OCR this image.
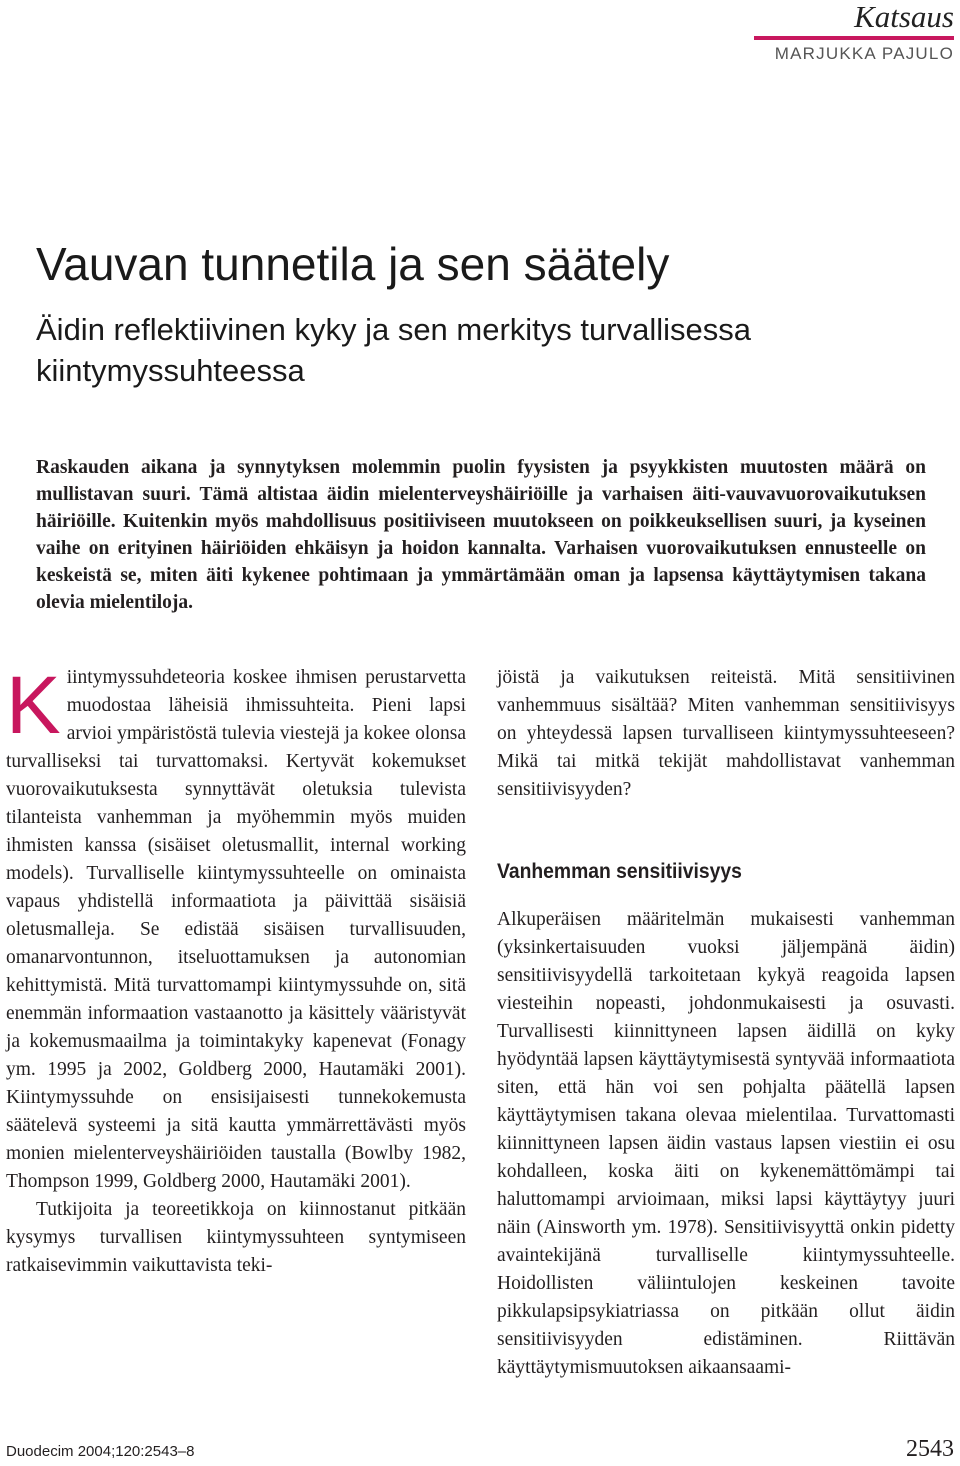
Katsaus
MARJUKKA PAJULO
Vauvan tunnetila ja sen säätely
Äidin reflektiivinen kyky ja sen merkitys turvallisessa kiintymyssuhteessa

Raskauden aikana ja synnytyksen molemmin puolin fyysisten ja psyykkisten muutosten määrä on mullistavan suuri. Tämä altistaa äidin mielenterveyshäiriöille ja varhaisen äiti-vauvavuorovaikutuksen häiriöille. Kuitenkin myös mahdollisuus positiiviseen muutokseen on poikkeuksellisen suuri, ja kyseinen vaihe on erityinen häiriöiden ehkäisyn ja hoidon kannalta. Varhaisen vuorovaikutuksen ennusteelle on keskeistä se, miten äiti kykenee pohtimaan ja ymmärtämään oman ja lapsensa käyttäytymisen takana olevia mielentiloja.

Kiintymyssuhdeteoria koskee ihmisen perustarvetta muodostaa läheisiä ihmissuhteita. Pieni lapsi arvioi ympäristöstä tulevia viestejä ja kokee olonsa turvalliseksi tai turvattomaksi. Kertyvät kokemukset vuorovaikutuksesta synnyttävät oletuksia tulevista tilanteista vanhemman ja myöhemmin myös muiden ihmisten kanssa (sisäiset oletusmallit, internal working models). Turvalliselle kiintymyssuhteelle on ominaista vapaus yhdistellä informaatiota ja päivittää sisäisiä oletusmalleja. Se edistää sisäisen turvallisuuden, omanarvontunnon, itseluottamuksen ja autonomian kehittymistä. Mitä turvattomampi kiintymyssuhde on, sitä enemmän informaation vastaanotto ja käsittely vääristyvät ja kokemusmaailma ja toimintakyky kapenevat (Fonagy ym. 1995 ja 2002, Goldberg 2000, Hautamäki 2001). Kiintymyssuhde on ensisijaisesti tunnekokemusta säätelevä systeemi ja sitä kautta ymmärrettävästi myös monien mielenterveyshäiriöiden taustalla (Bowlby 1982, Thompson 1999, Goldberg 2000, Hautamäki 2001).

Tutkijoita ja teoreetikkoja on kiinnostanut pitkään kysymys turvallisen kiintymyssuhteen syntymiseen ratkaisevimmin vaikuttavista teki-

jöistä ja vaikutuksen reiteistä. Mitä sensitiivinen vanhemmuus sisältää? Miten vanhemman sensitiivisyys on yhteydessä lapsen turvalliseen kiintymyssuhteeseen? Mikä tai mitkä tekijät mahdollistavat vanhemman sensitiivisyyden?

Vanhemman sensitiivisyys

Alkuperäisen määritelmän mukaisesti vanhemman (yksinkertaisuuden vuoksi jäljempänä äidin) sensitiivisyydellä tarkoitetaan kykyä reagoida lapsen viesteihin nopeasti, johdonmukaisesti ja osuvasti. Turvallisesti kiinnittyneen lapsen äidillä on kyky hyödyntää lapsen käyttäytymisestä syntyvää informaatiota siten, että hän voi sen pohjalta päätellä lapsen käyttäytymisen takana olevaa mielentilaa. Turvattomasti kiinnittyneen lapsen äidin vastaus lapsen viestiin ei osu kohdalleen, koska äiti on kykenemättömämpi tai haluttomampi arvioimaan, miksi lapsi käyttäytyy juuri näin (Ainsworth ym. 1978). Sensitiivisyyttä onkin pidetty avaintekijänä turvalliselle kiintymyssuhteelle. Hoidollisten väliintulojen keskeinen tavoite pikkulapsipsykiatriassa on pitkään ollut äidin sensitiivisyyden edistäminen. Riittävän käyttäytymismuutoksen aikaansaami-

Duodecim 2004;120:2543–8	2543
